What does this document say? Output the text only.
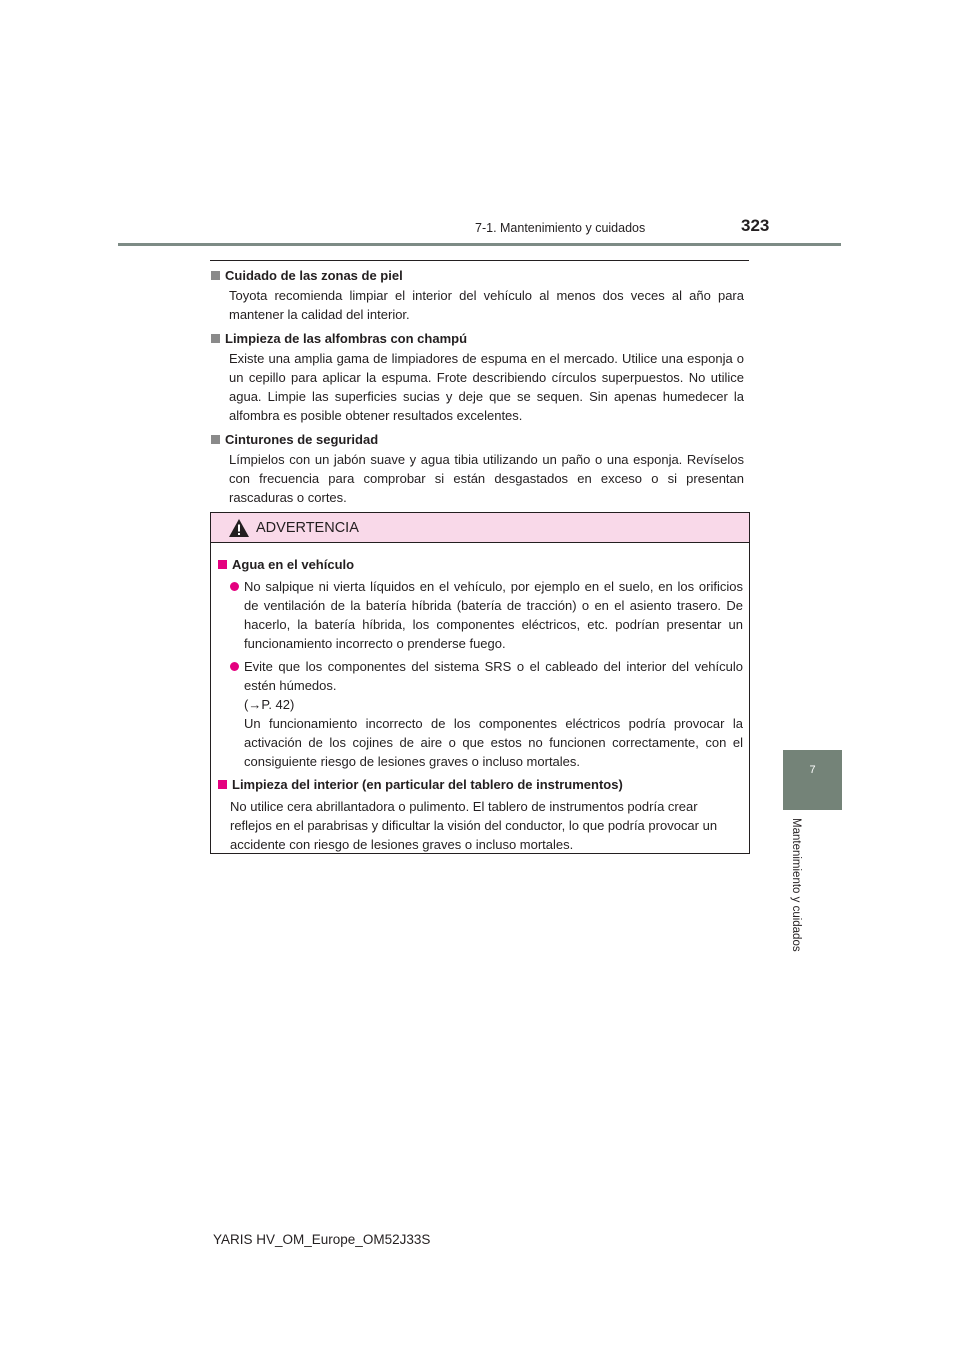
7-1. Mantenimiento y cuidados	323
7
Mantenimiento y cuidados
Cuidado de las zonas de piel
Toyota recomienda limpiar el interior del vehículo al menos dos veces al año para mantener la calidad del interior.
Limpieza de las alfombras con champú
Existe una amplia gama de limpiadores de espuma en el mercado. Utilice una esponja o un cepillo para aplicar la espuma. Frote describiendo círculos superpuestos. No utilice agua. Limpie las superficies sucias y deje que se sequen. Sin apenas humedecer la alfombra es posible obtener resultados excelentes.
Cinturones de seguridad
Límpielos con un jabón suave y agua tibia utilizando un paño o una esponja. Revíselos con frecuencia para comprobar si están desgastados en exceso o si presentan rascaduras o cortes.
ADVERTENCIA
Agua en el vehículo
No salpique ni vierta líquidos en el vehículo, por ejemplo en el suelo, en los orificios de ventilación de la batería híbrida (batería de tracción) o en el asiento trasero. De hacerlo, la batería híbrida, los componentes eléctricos, etc. podrían presentar un funcionamiento incorrecto o prenderse fuego.
Evite que los componentes del sistema SRS o el cableado del interior del vehículo estén húmedos.
(→P. 42)
Un funcionamiento incorrecto de los componentes eléctricos podría provocar la activación de los cojines de aire o que estos no funcionen correctamente, con el consiguiente riesgo de lesiones graves o incluso mortales.
Limpieza del interior (en particular del tablero de instrumentos)
No utilice cera abrillantadora o pulimento. El tablero de instrumentos podría crear reflejos en el parabrisas y dificultar la visión del conductor, lo que podría provocar un accidente con riesgo de lesiones graves o incluso mortales.
YARIS HV_OM_Europe_OM52J33S
